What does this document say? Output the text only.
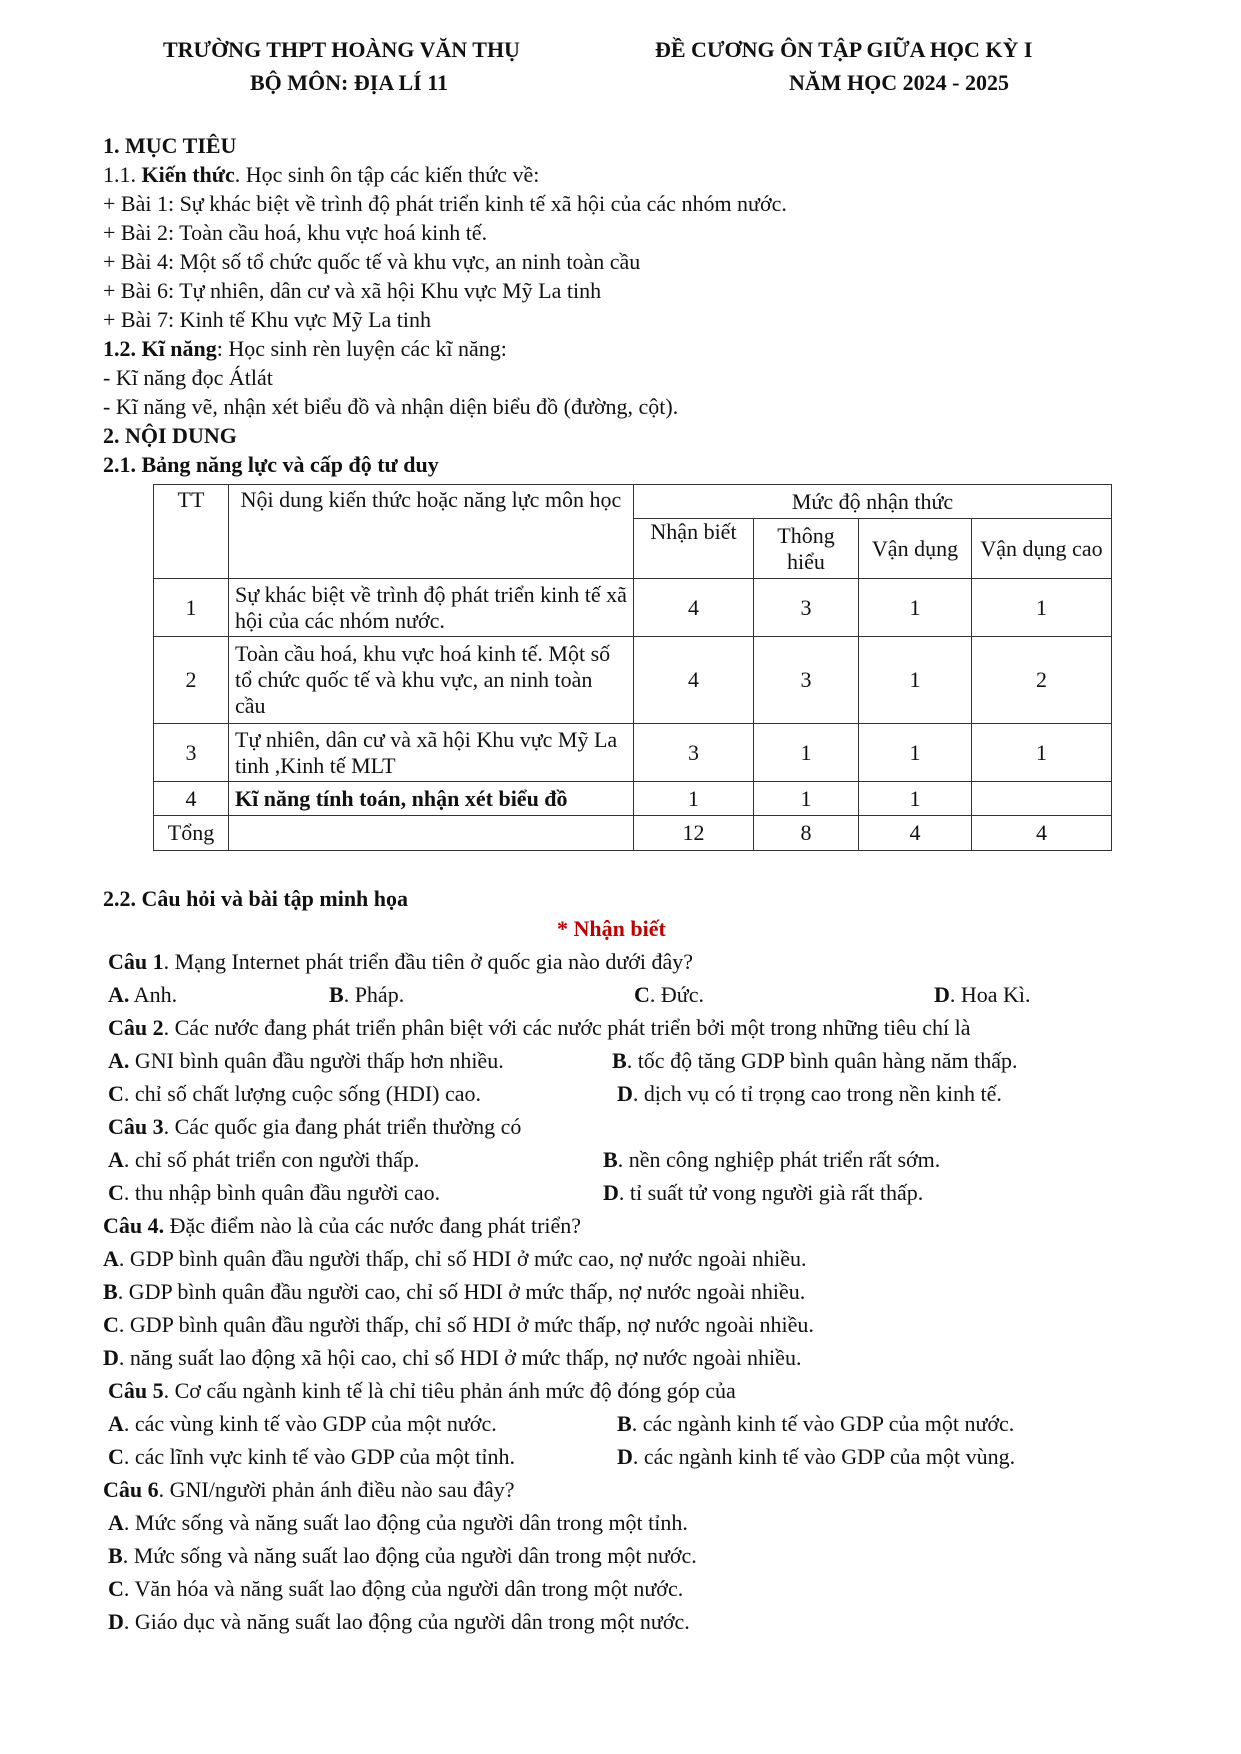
TRƯỜNG THPT HOÀNG VĂN THỤ
BỘ MÔN: ĐỊA LÍ 11
ĐỀ CƯƠNG ÔN TẬP GIỮA HỌC KỲ I
NĂM HỌC 2024 - 2025
1. MỤC TIÊU
1.1. Kiến thức. Học sinh ôn tập các kiến thức về:
+ Bài 1: Sự khác biệt về trình độ phát triển kinh tế xã hội của các nhóm nước.
+ Bài 2: Toàn cầu hoá, khu vực hoá kinh tế.
+ Bài 4: Một số tổ chức quốc tế và khu vực, an ninh toàn cầu
+ Bài 6: Tự nhiên, dân cư và xã hội Khu vực Mỹ La tinh
+ Bài 7: Kinh tế Khu vực Mỹ La tinh
1.2. Kĩ năng: Học sinh rèn luyện các kĩ năng:
- Kĩ năng đọc Átlát
- Kĩ năng vẽ, nhận xét biểu đồ và nhận diện biểu đồ (đường, cột).
2. NỘI DUNG
2.1. Bảng năng lực và cấp độ tư duy
TT	Nội dung kiến thức hoặc năng lực môn học	Mức độ nhận thức			
		Nhận biết	Thông hiểu	Vận dụng	Vận dụng cao
1	Sự khác biệt về trình độ phát triển kinh tế xã hội của các nhóm nước.	4	3	1	1
2	Toàn cầu hoá, khu vực hoá kinh tế. Một số tổ chức quốc tế và khu vực, an ninh toàn cầu	4	3	1	2
3	Tự nhiên, dân cư và xã hội Khu vực Mỹ La tinh ,Kinh tế MLT	3	1	1	1
4	Kĩ năng tính toán, nhận xét biểu đồ	1	1	1	
Tổng		12	8	4	4
2.2. Câu hỏi và bài tập minh họa
* Nhận biết
Câu 1. Mạng Internet phát triển đầu tiên ở quốc gia nào dưới đây?
A. Anh.	B. Pháp.	C. Đức.	D. Hoa Kì.
Câu 2. Các nước đang phát triển phân biệt với các nước phát triển bởi một trong những tiêu chí là
A. GNI bình quân đầu người thấp hơn nhiều.	B. tốc độ tăng GDP bình quân hàng năm thấp.
C. chỉ số chất lượng cuộc sống (HDI) cao.	D. dịch vụ có tỉ trọng cao trong nền kinh tế.
Câu 3. Các quốc gia đang phát triển thường có
A. chỉ số phát triển con người thấp.	B. nền công nghiệp phát triển rất sớm.
C. thu nhập bình quân đầu người cao.	D. tỉ suất tử vong người già rất thấp.
Câu 4. Đặc điểm nào là của các nước đang phát triển?
A. GDP bình quân đầu người thấp, chỉ số HDI ở mức cao, nợ nước ngoài nhiều.
B. GDP bình quân đầu người cao, chỉ số HDI ở mức thấp, nợ nước ngoài nhiều.
C. GDP bình quân đầu người thấp, chỉ số HDI ở mức thấp, nợ nước ngoài nhiều.
D. năng suất lao động xã hội cao, chỉ số HDI ở mức thấp, nợ nước ngoài nhiều.
Câu 5. Cơ cấu ngành kinh tế là chỉ tiêu phản ánh mức độ đóng góp của
A. các vùng kinh tế vào GDP của một nước.	B. các ngành kinh tế vào GDP của một nước.
C. các lĩnh vực kinh tế vào GDP của một tỉnh.	D. các ngành kinh tế vào GDP của một vùng.
Câu 6. GNI/người phản ánh điều nào sau đây?
A. Mức sống và năng suất lao động của người dân trong một tỉnh.
B. Mức sống và năng suất lao động của người dân trong một nước.
C. Văn hóa và năng suất lao động của người dân trong một nước.
D. Giáo dục và năng suất lao động của người dân trong một nước.
